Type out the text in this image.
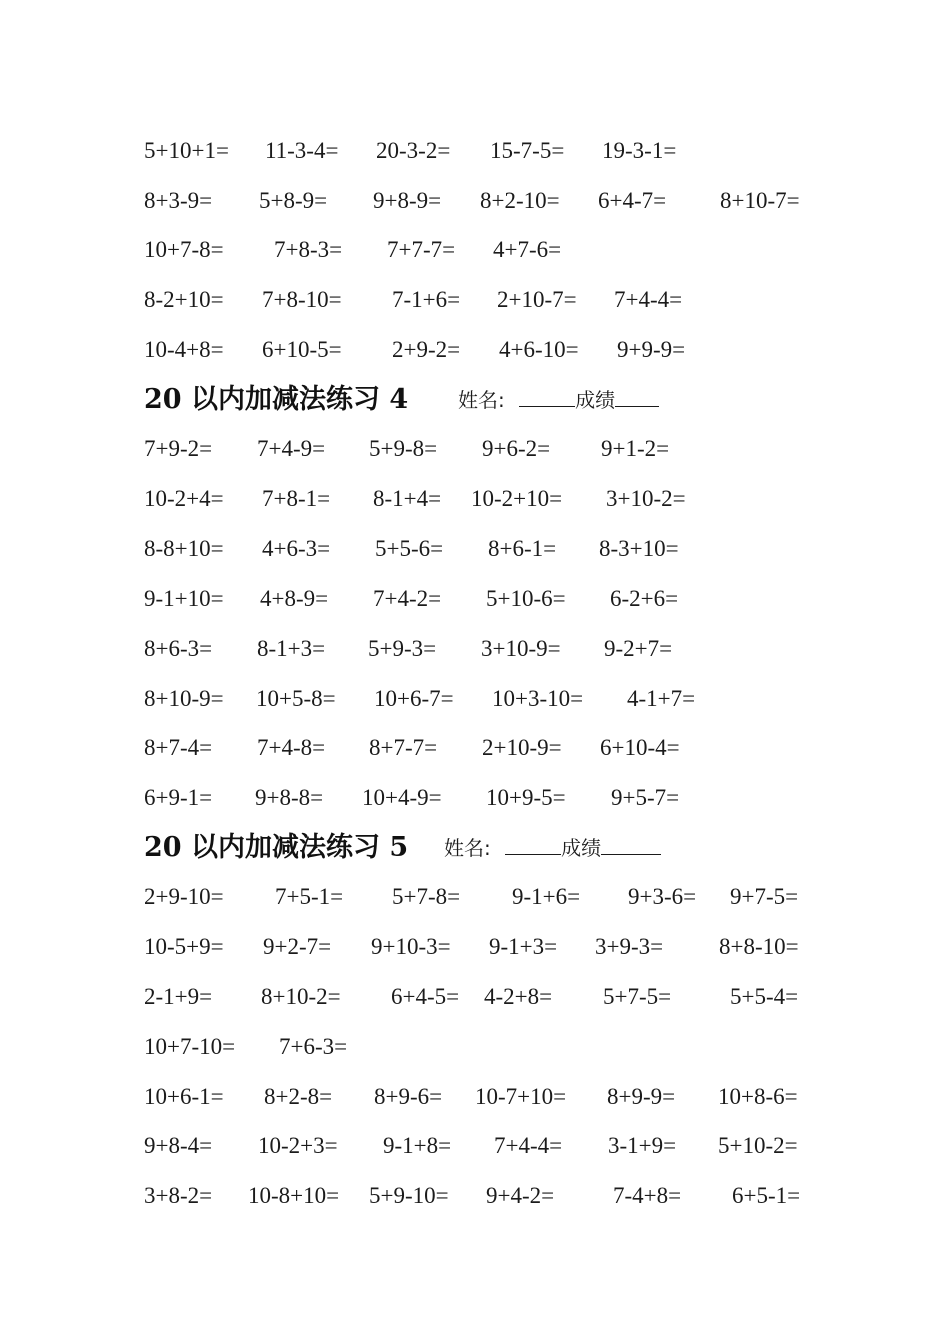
5+10+1= 11-3-4= 20-3-2= 15-7-5= 19-3-1=
8+3-9= 5+8-9= 9+8-9= 8+2-10= 6+4-7= 8+10-7=
10+7-8= 7+8-3= 7+7-7= 4+7-6=
8-2+10= 7+8-10= 7-1+6= 2+10-7= 7+4-4=
10-4+8= 6+10-5= 2+9-2= 4+6-10= 9+9-9=
20 以内加减法练习 4 姓名:	成绩
7+9-2= 7+4-9= 5+9-8= 9+6-2= 9+1-2=
10-2+4= 7+8-1= 8-1+4= 10-2+10= 3+10-2=
8-8+10= 4+6-3= 5+5-6= 8+6-1= 8-3+10=
9-1+10= 4+8-9= 7+4-2= 5+10-6= 6-2+6=
8+6-3= 8-1+3= 5+9-3= 3+10-9= 9-2+7=
8+10-9= 10+5-8= 10+6-7= 10+3-10= 4-1+7=
8+7-4= 7+4-8= 8+7-7= 2+10-9= 6+10-4=
6+9-1= 9+8-8= 10+4-9= 10+9-5= 9+5-7=
20 以内加减法练习 5 姓名:	成绩
2+9-10= 7+5-1= 5+7-8= 9-1+6= 9+3-6= 9+7-5=
10-5+9= 9+2-7= 9+10-3= 9-1+3= 3+9-3= 8+8-10=
2-1+9= 8+10-2= 6+4-5= 4-2+8= 5+7-5=	5+5-4=
10+7-10= 7+6-3=
10+6-1= 8+2-8= 8+9-6= 10-7+10= 8+9-9= 10+8-6=
9+8-4= 10-2+3= 9-1+8= 7+4-4= 3-1+9= 5+10-2=
3+8-2= 10-8+10= 5+9-10= 9+4-2=	7-4+8= 6+5-1=
